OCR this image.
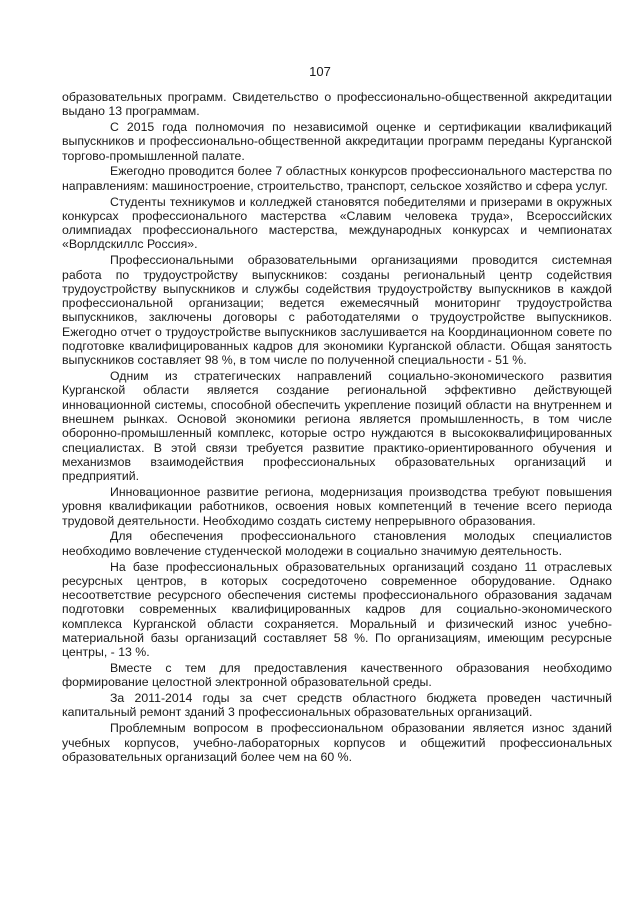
107

образовательных программ. Свидетельство о профессионально-общественной аккредитации выдано 13 программам.

С 2015 года полномочия по независимой оценке и сертификации квалификаций выпускников и профессионально-общественной аккредитации программ переданы Курганской торгово-промышленной палате.

Ежегодно проводится более 7 областных конкурсов профессионального мастерства по направлениям: машиностроение, строительство, транспорт, сельское хозяйство и сфера услуг.

Студенты техникумов и колледжей становятся победителями и призерами в окружных конкурсах профессионального мастерства «Славим человека труда», Всероссийских олимпиадах профессионального мастерства, международных конкурсах и чемпионатах «Ворлдскиллс Россия».

Профессиональными образовательными организациями проводится системная работа по трудоустройству выпускников: созданы региональный центр содействия трудоустройству выпускников и службы содействия трудоустройству выпускников в каждой профессиональной организации; ведется ежемесячный мониторинг трудоустройства выпускников, заключены договоры с работодателями о трудоустройстве выпускников. Ежегодно отчет о трудоустройстве выпускников заслушивается на Координационном совете по подготовке квалифицированных кадров для экономики Курганской области. Общая занятость выпускников составляет 98 %, в том числе по полученной специальности - 51 %.

Одним из стратегических направлений социально-экономического развития Курганской области является создание региональной эффективно действующей инновационной системы, способной обеспечить укрепление позиций области на внутреннем и внешнем рынках. Основой экономики региона является промышленность, в том числе оборонно-промышленный комплекс, которые остро нуждаются в высококвалифицированных специалистах. В этой связи требуется развитие практико-ориентированного обучения и механизмов взаимодействия профессиональных образовательных организаций и предприятий.

Инновационное развитие региона, модернизация производства требуют повышения уровня квалификации работников, освоения новых компетенций в течение всего периода трудовой деятельности. Необходимо создать систему непрерывного образования.

Для обеспечения профессионального становления молодых специалистов необходимо вовлечение студенческой молодежи в социально значимую деятельность.

На базе профессиональных образовательных организаций создано 11 отраслевых ресурсных центров, в которых сосредоточено современное оборудование. Однако несоответствие ресурсного обеспечения системы профессионального образования задачам подготовки современных квалифицированных кадров для социально-экономического комплекса Курганской области сохраняется. Моральный и физический износ учебно-материальной базы организаций составляет 58 %. По организациям, имеющим ресурсные центры, - 13 %.

Вместе с тем для предоставления качественного образования необходимо формирование целостной электронной образовательной среды.

За 2011-2014 годы за счет средств областного бюджета проведен частичный капитальный ремонт зданий 3 профессиональных образовательных организаций.

Проблемным вопросом в профессиональном образовании является износ зданий учебных корпусов, учебно-лабораторных корпусов и общежитий профессиональных образовательных организаций более чем на 60 %.
